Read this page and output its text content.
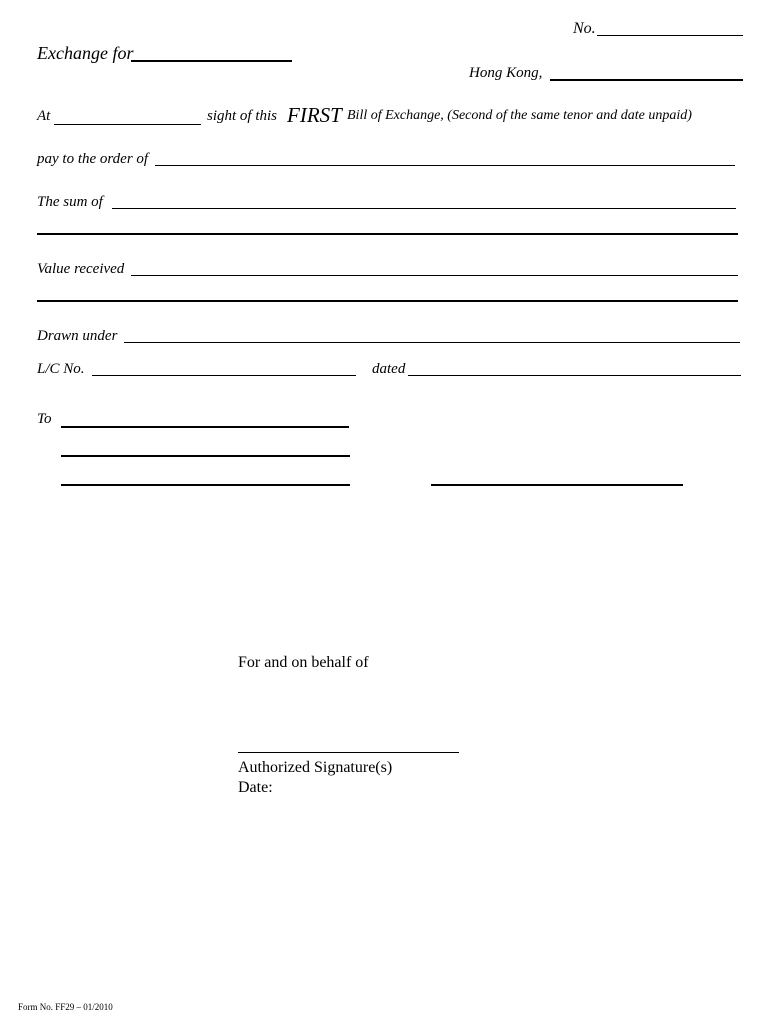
No.
Exchange for
Hong Kong,
At	sight of this FIRST Bill of Exchange, (Second of the same tenor and date unpaid)
pay to the order of
The sum of
Value received
Drawn under
L/C No.	dated
To
For and on behalf of
Authorized Signature(s)
Date:
Form No. FF29 – 01/2010
